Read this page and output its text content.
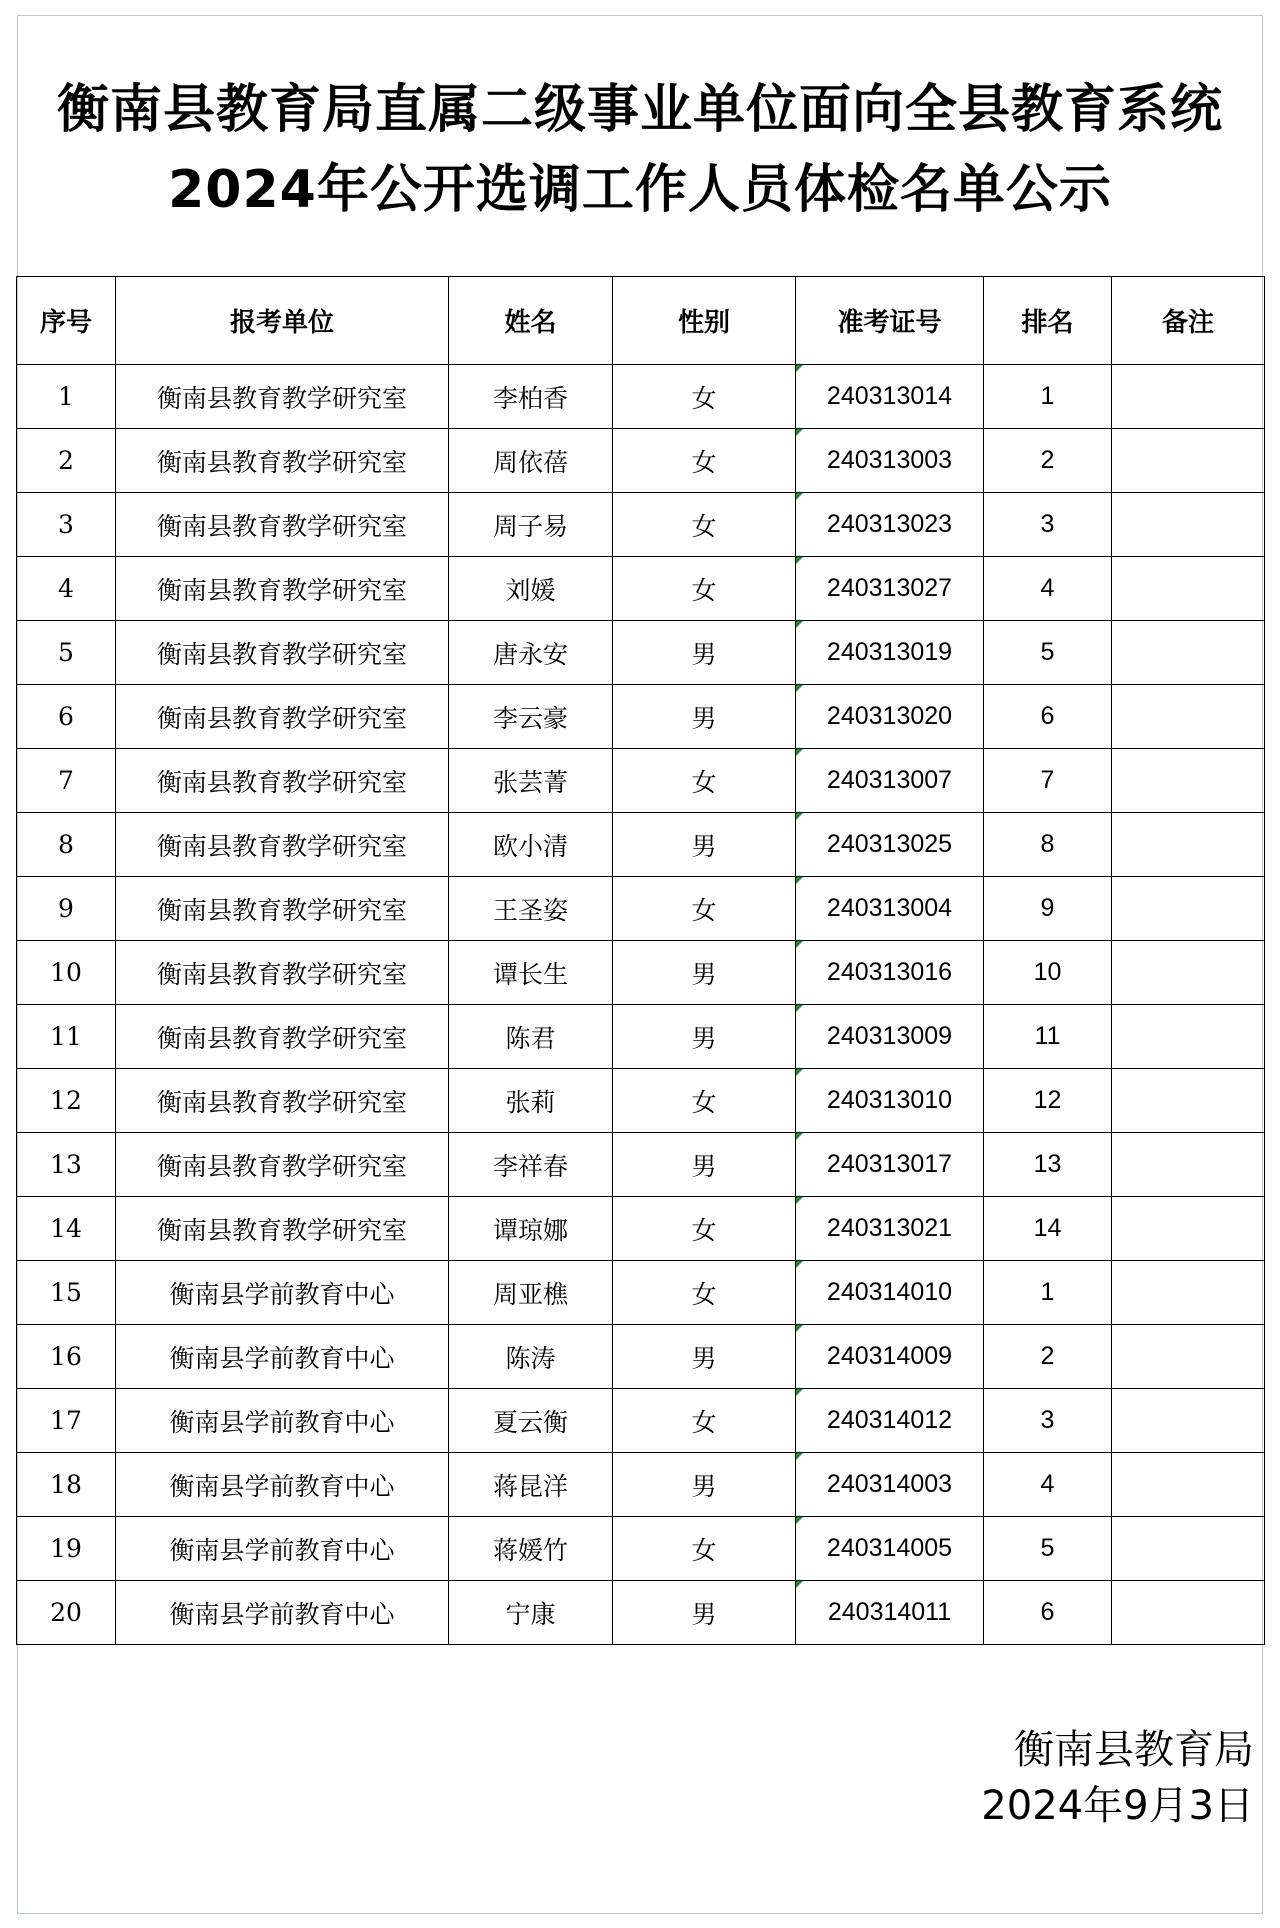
衡南县教育局直属二级事业单位面向全县教育系统
2024年公开选调工作人员体检名单公示
序号	报考单位	姓名	性别	准考证号	排名	备注
1	衡南县教育教学研究室	李柏香	女	240313014	1	
2	衡南县教育教学研究室	周依蓓	女	240313003	2	
3	衡南县教育教学研究室	周子易	女	240313023	3	
4	衡南县教育教学研究室	刘媛	女	240313027	4	
5	衡南县教育教学研究室	唐永安	男	240313019	5	
6	衡南县教育教学研究室	李云豪	男	240313020	6	
7	衡南县教育教学研究室	张芸菁	女	240313007	7	
8	衡南县教育教学研究室	欧小清	男	240313025	8	
9	衡南县教育教学研究室	王圣姿	女	240313004	9	
10	衡南县教育教学研究室	谭长生	男	240313016	10	
11	衡南县教育教学研究室	陈君	男	240313009	11	
12	衡南县教育教学研究室	张莉	女	240313010	12	
13	衡南县教育教学研究室	李祥春	男	240313017	13	
14	衡南县教育教学研究室	谭琼娜	女	240313021	14	
15	衡南县学前教育中心	周亚樵	女	240314010	1	
16	衡南县学前教育中心	陈涛	男	240314009	2	
17	衡南县学前教育中心	夏云衡	女	240314012	3	
18	衡南县学前教育中心	蒋昆洋	男	240314003	4	
19	衡南县学前教育中心	蒋媛竹	女	240314005	5	
20	衡南县学前教育中心	宁康	男	240314011	6	
衡南县教育局
2024年9月3日
